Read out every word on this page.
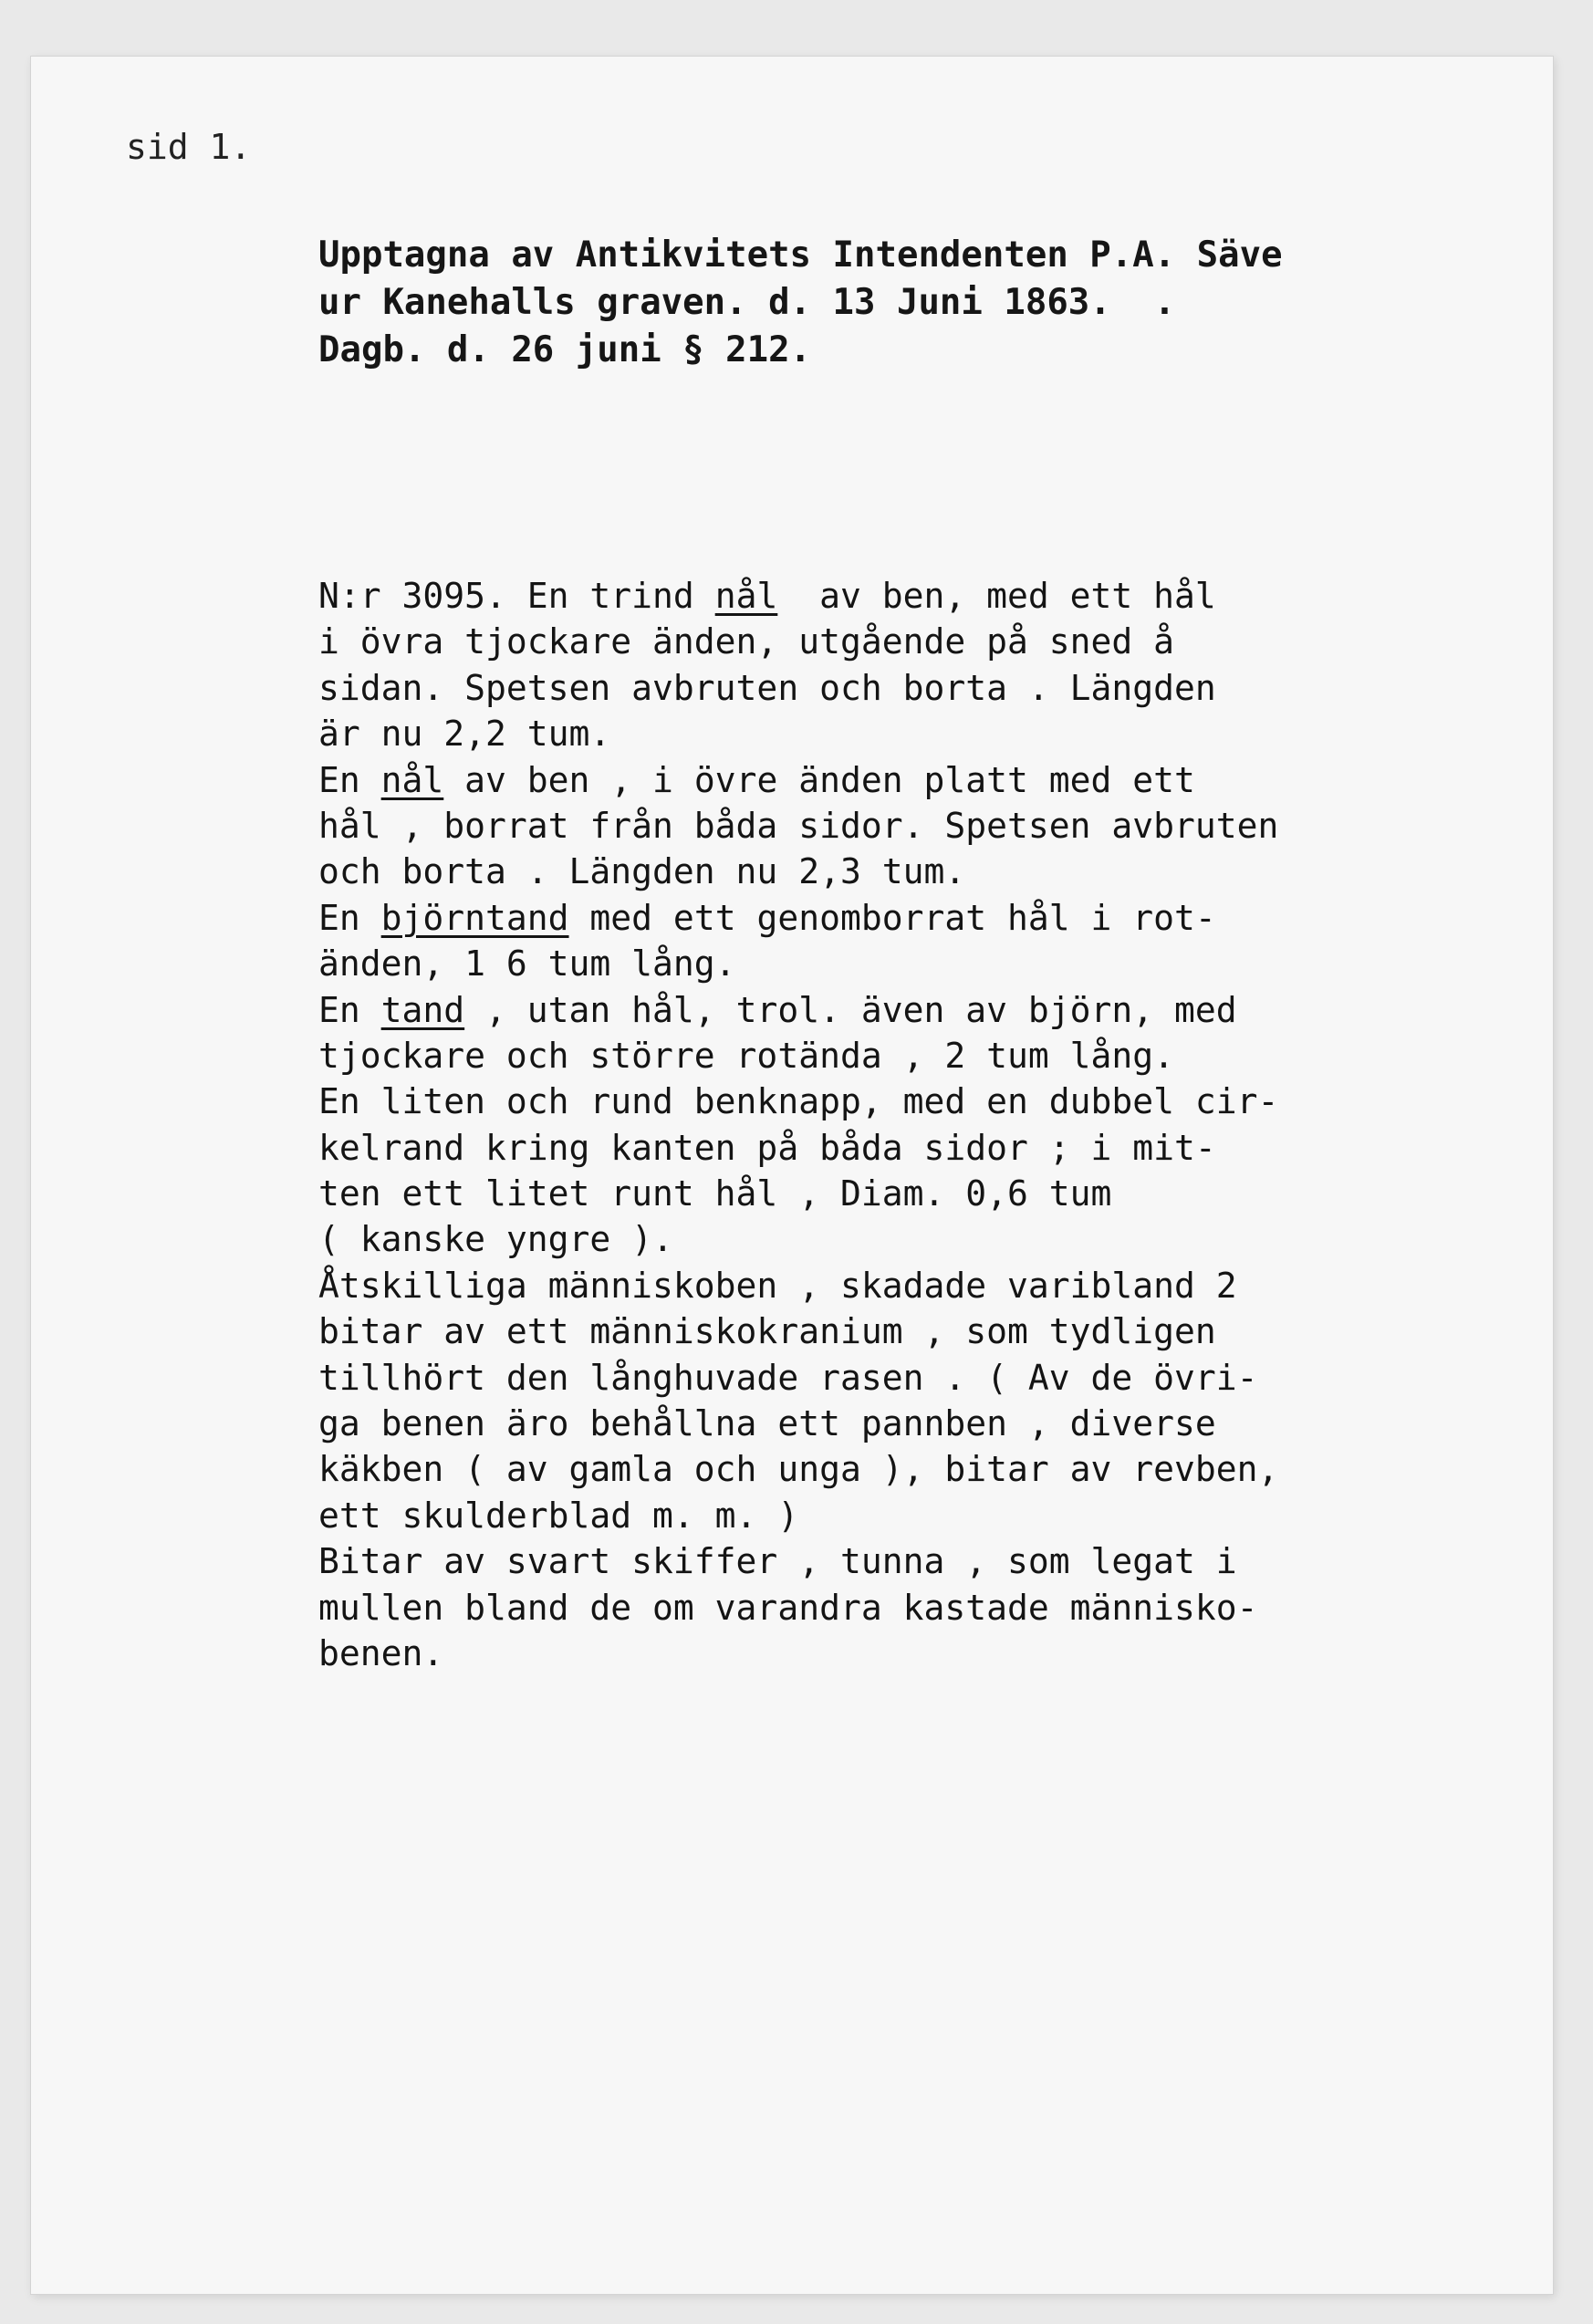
sid 1.
Upptagna av Antikvitets Intendenten P.A. Säve
ur Kanehalls graven. d. 13 Juni 1863.  .
Dagb. d. 26 juni § 212.
N:r 3095. En trind nål  av ben, med ett hål
i övra tjockare änden, utgående på sned å
sidan. Spetsen avbruten och borta . Längden
är nu 2,2 tum.
En nål av ben , i övre änden platt med ett
hål , borrat från båda sidor. Spetsen avbruten
och borta . Längden nu 2,3 tum.
En björntand med ett genomborrat hål i rot-
änden, 1 6 tum lång.
En tand , utan hål, trol. även av björn, med
tjockare och större rotända , 2 tum lång.
En liten och rund benknapp, med en dubbel cir-
kelrand kring kanten på båda sidor ; i mit-
ten ett litet runt hål , Diam. 0,6 tum
( kanske yngre ).
Åtskilliga människoben , skadade varibland 2
bitar av ett människokranium , som tydligen
tillhört den långhuvade rasen . ( Av de övri-
ga benen äro behållna ett pannben , diverse
käkben ( av gamla och unga ), bitar av revben,
ett skulderblad m. m. )
Bitar av svart skiffer , tunna , som legat i
mullen bland de om varandra kastade människo-
benen.
